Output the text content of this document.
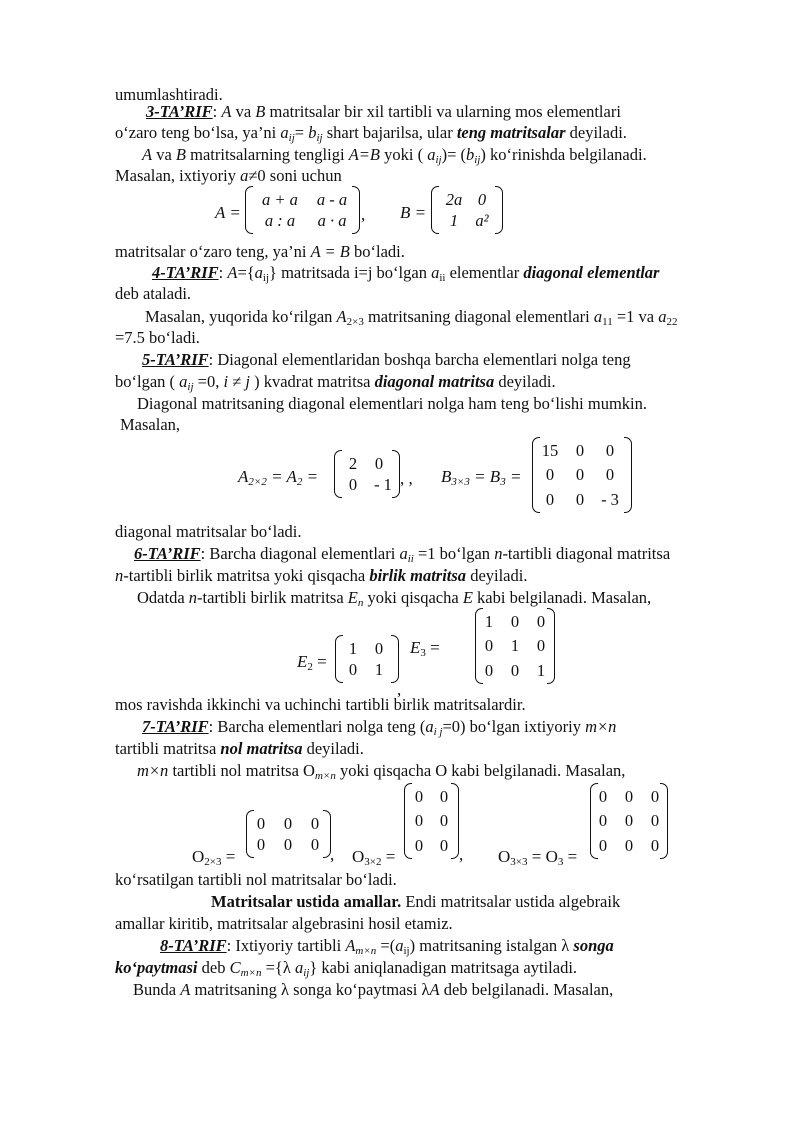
umumlashtiradi.
3-TA’RIF: A va B matritsalar bir xil tartibli va ularning mos elementlari
o‘zaro teng bo‘lsa, ya’ni $a_{ij}= b_{ij}$ shart bajarilsa, ular teng matritsalar deyiladi.
A va B matritsalarning tengligi A=B yoki ( $a_{ij})= (b_{ij})$ ko‘rinishda belgilanadi.
Masalan, ixtiyoriy a≠0 soni uchun
A =
a + a	a - a
a : a	a · a , B =
2a 0
1	a²
matritsalar o‘zaro teng, ya’ni A = B bo‘ladi.
4-TA’RIF: $A=\{a_{ij}\}$ matritsada i=j bo‘lgan $a_{ii}$ elementlar diagonal elementlar
deb ataladi.
Masalan, yuqorida ko‘rilgan $A_{2\times 3}$ matritsaning diagonal elementlari $a_{11} =1$ va $a_{22}$
=7.5 bo‘ladi.
5-TA’RIF: Diagonal elementlaridan boshqa barcha elementlari nolga teng
bo‘lgan ( $a_{ij} =0$, i ≠ j ) kvadrat matritsa diagonal matritsa deyiladi.
Diagonal matritsaning diagonal elementlari nolga ham teng bo‘lishi mumkin.
Masalan,
$A_{2\times 2} = A_2$ =
2	0
0	- 1 , , $B_{3\times 3} = B_3$ =
15	0	0
0	0	0
0	0	- 3
diagonal matritsalar bo‘ladi.
6-TA’RIF: Barcha diagonal elementlari $a_{ii} =1$ bo‘lgan n-tartibli diagonal matritsa
n-tartibli birlik matritsa yoki qisqacha birlik matritsa deyiladi.
Odatda n-tartibli birlik matritsa $E_n$ yoki qisqacha E kabi belgilanadi. Masalan,
$E_2$ =
1	0
0	1
,
$E_3$ =
1	0	0
0	1	0
0	0	1
mos ravishda ikkinchi va uchinchi tartibli birlik matritsalardir.
7-TA’RIF: Barcha elementlari nolga teng $(a_{i j}=0)$ bo‘lgan ixtiyoriy m×n
tartibli matritsa nol matritsa deyiladi.
m×n tartibli nol matritsa $O_{m\times n}$ yoki qisqacha O kabi belgilanadi. Masalan,
$O_{2\times 3}$ =
0	0	0
0	0	0
, $O_{3\times 2}$ =
0	0
0	0
0	0 , $O_{3\times 3} = O_3$ =
0	0	0
0	0	0
0	0	0
ko‘rsatilgan tartibli nol matritsalar bo‘ladi.
Matritsalar ustida amallar. Endi matritsalar ustida algebraik
amallar kiritib, matritsalar algebrasini hosil etamiz.
8-TA’RIF: Ixtiyoriy tartibli $A_{m\times n} =(a_{ij})$ matritsaning istalgan λ songa
ko‘paytmasi deb $C_{m\times n} =\{\lambda$ $a_{ij}$} kabi aniqlanadigan matritsaga aytiladi.
Bunda A matritsaning λ songa ko‘paytmasi λA deb belgilanadi. Masalan,
